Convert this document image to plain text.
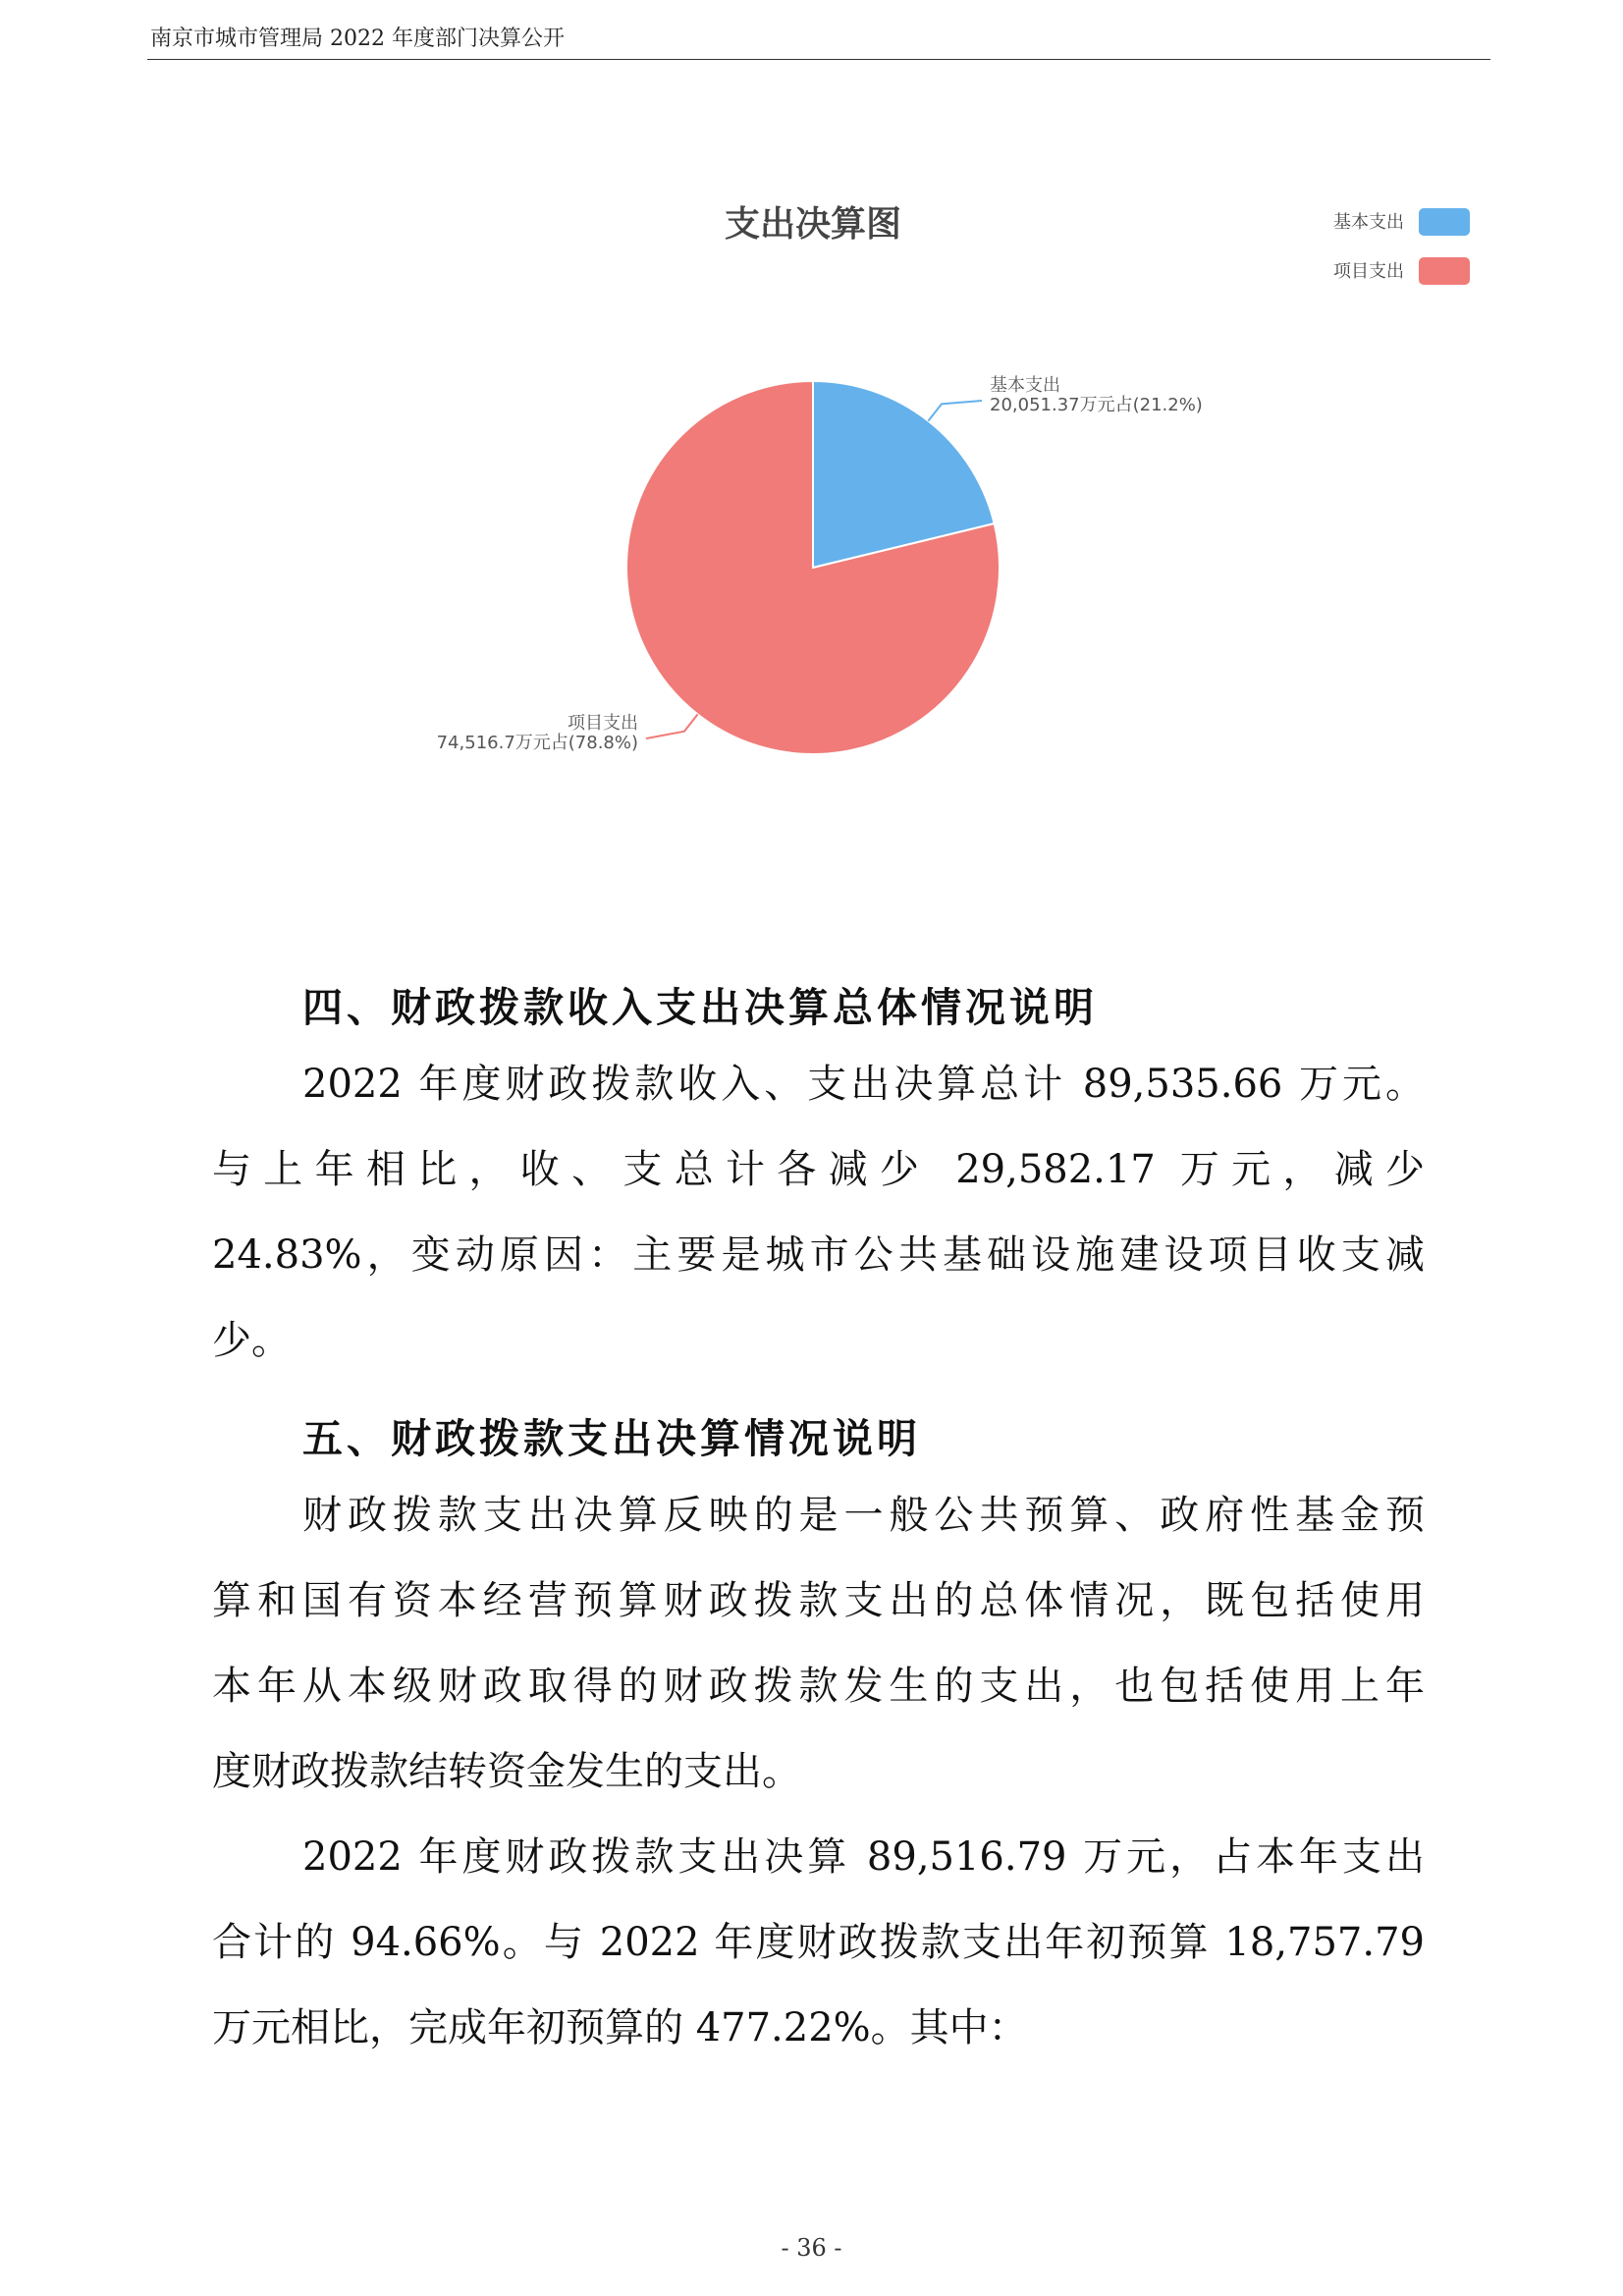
南京市城市管理局 2022 年度部门决算公开
支出决算图
基本支出
20,051.37万元占(21.2%)
项目支出
74,516.7万元占(78.8%)
基本支出
项目支出
四、财政拨款收入支出决算总体情况说明
2022 年度财政拨款收入、支出决算总计 89,535.66 万元。
与上年相比，收、支总计各减少 29,582.17 万元，减少
24.83%，变动原因：主要是城市公共基础设施建设项目收支减
少。
五、财政拨款支出决算情况说明
财政拨款支出决算反映的是一般公共预算、政府性基金预
算和国有资本经营预算财政拨款支出的总体情况，既包括使用
本年从本级财政取得的财政拨款发生的支出，也包括使用上年
度财政拨款结转资金发生的支出。
2022 年度财政拨款支出决算 89,516.79 万元，占本年支出
合计的 94.66%。与 2022 年度财政拨款支出年初预算 18,757.79
万元相比，完成年初预算的 477.22%。其中：
- 36 -
